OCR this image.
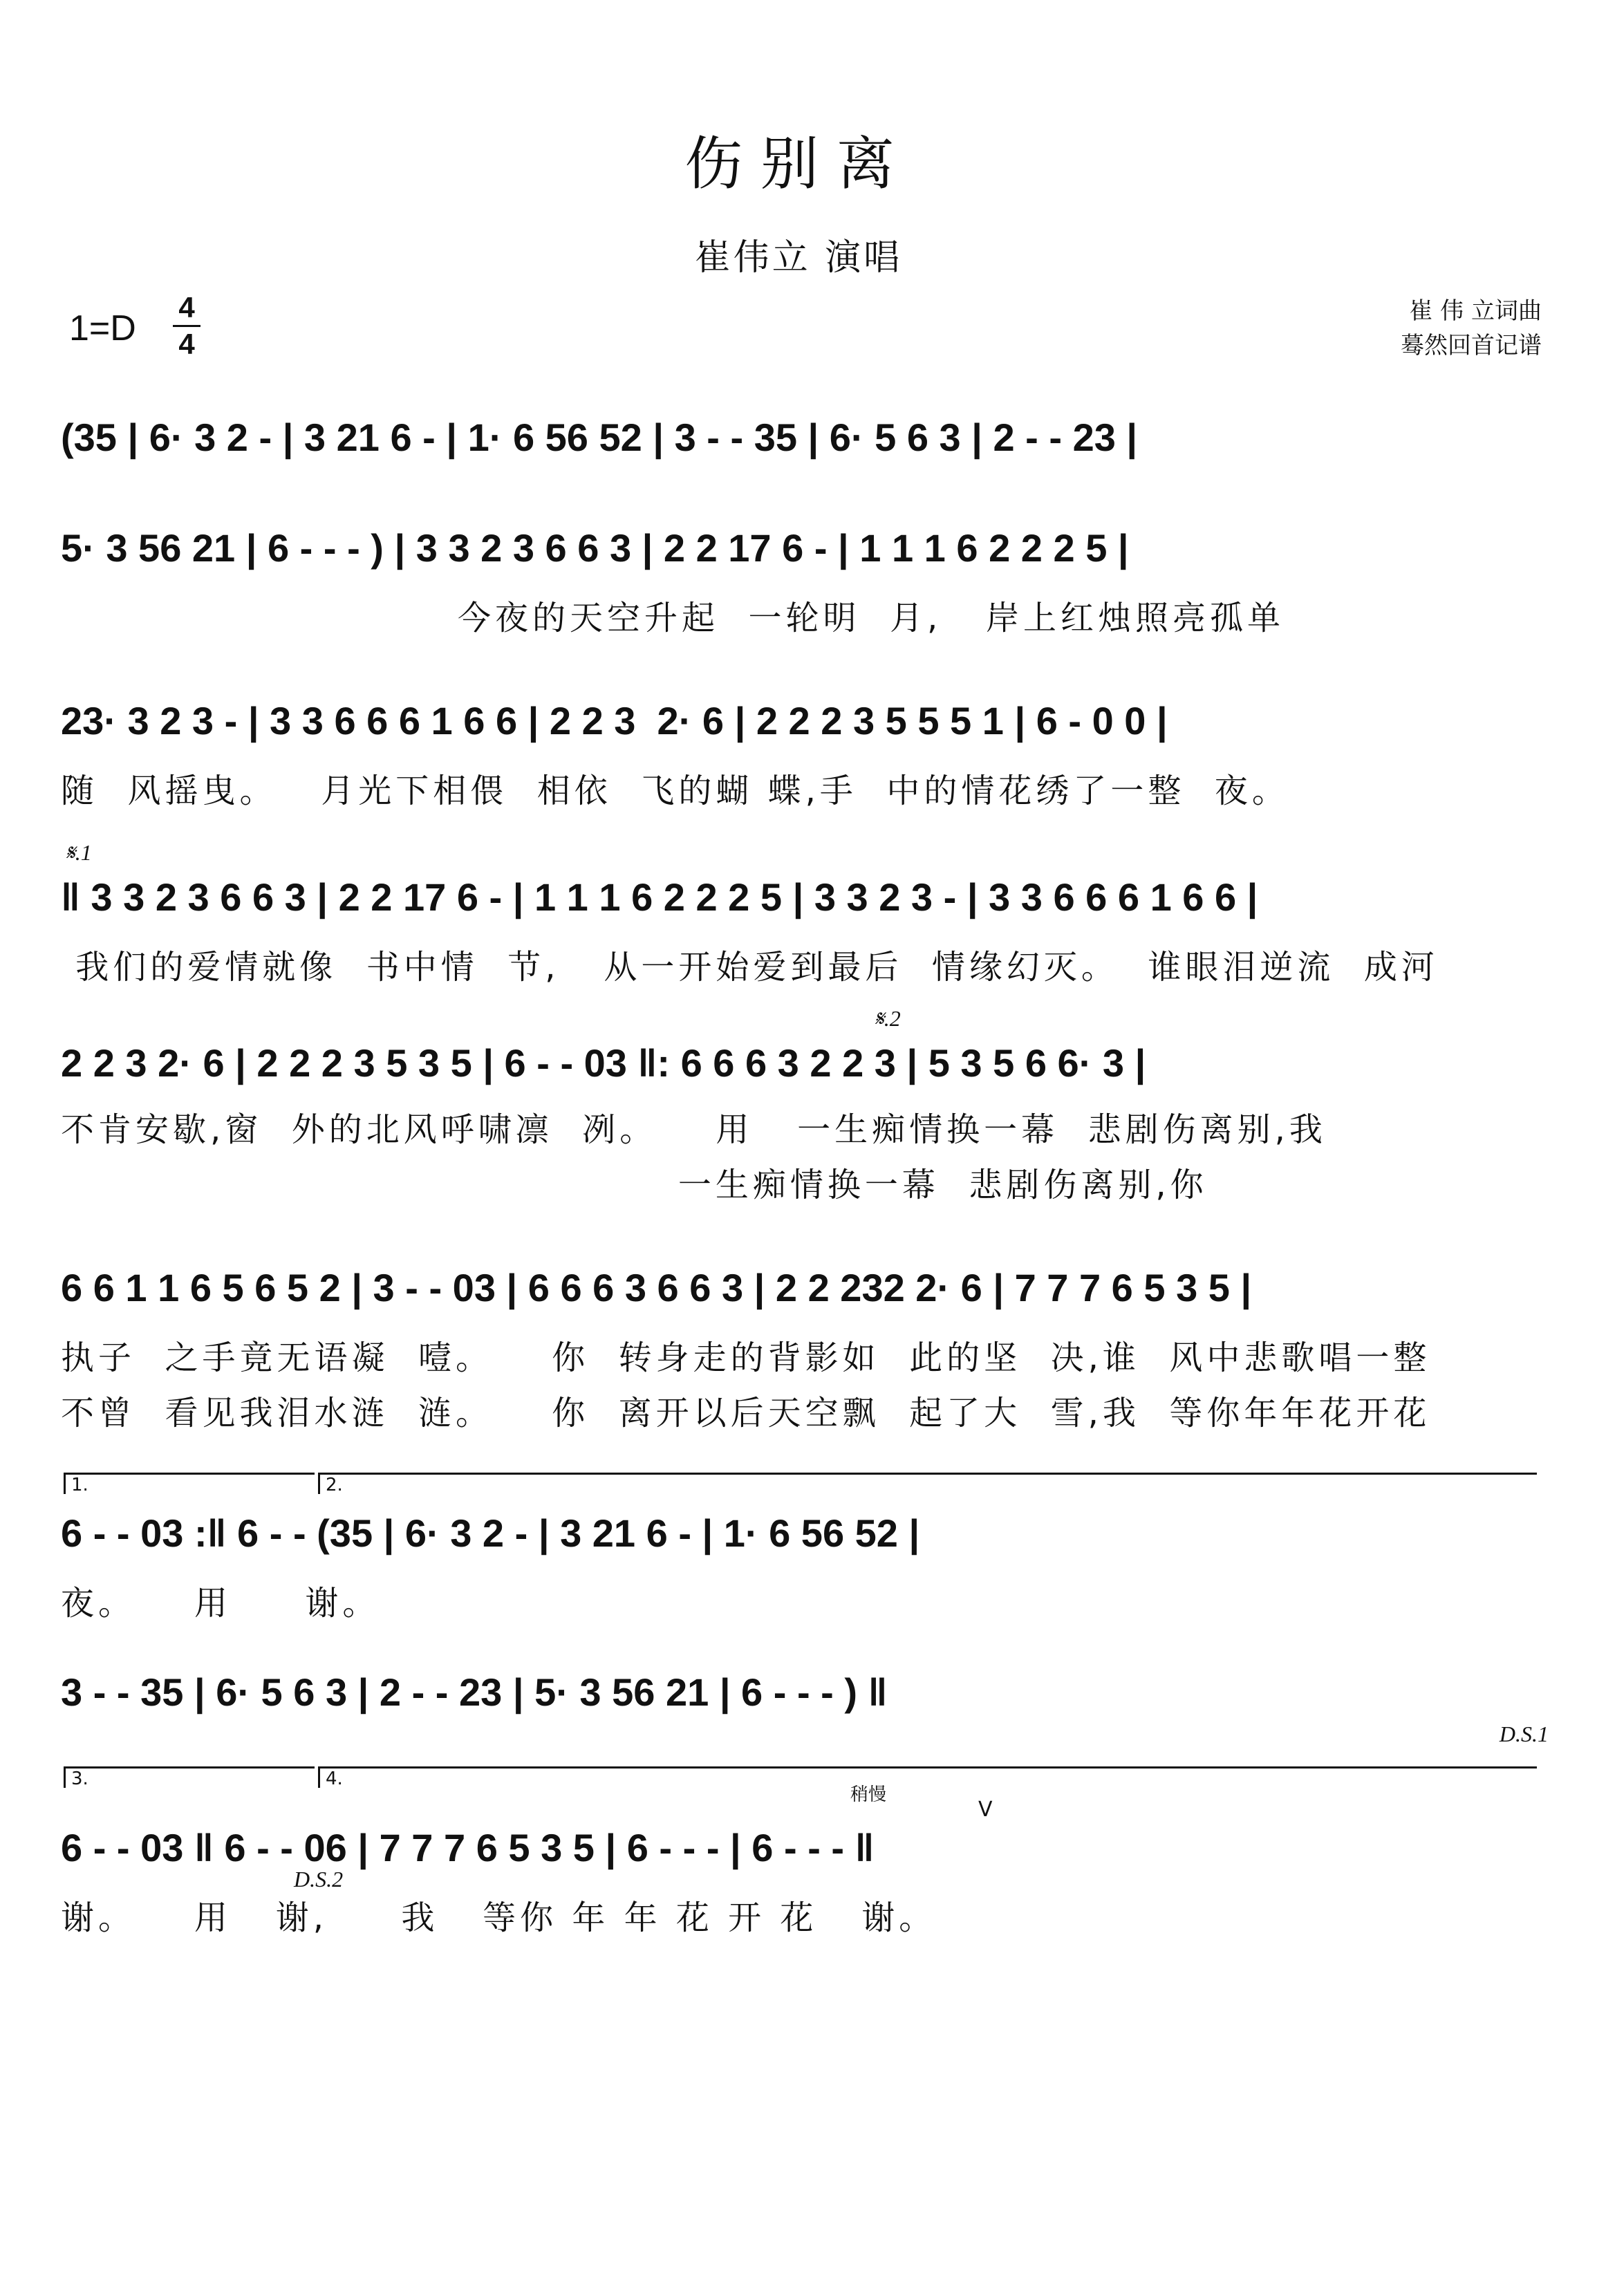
伤别离
崔伟立 演唱
1=D
4
4
崔 伟 立词曲
蓦然回首记谱
(35 | 6· 3 2 - | 3 21 6 - | 1· 6 56 52 | 3 - - 35 | 6· 5 6 3 | 2 - - 23 |
5· 3 56 21 | 6 - - - ) | 3 3 2 3 6 6 3 | 2 2 17 6 - | 1 1 1 6 2 2 2 5 |
今夜的天空升起  一轮明  月,   岸上红烛照亮孤单
23· 3 2 3 - | 3 3 6 6 6 1 6 6 | 2 2 3  2· 6 | 2 2 2 3 5 5 5 1 | 6 - 0 0 |
随  风摇曳。   月光下相偎  相依  飞的蝴 蝶,手  中的情花绣了一整  夜。
𝄋.1
‖ 3 3 2 3 6 6 3 | 2 2 17 6 - | 1 1 1 6 2 2 2 5 | 3 3 2 3 - | 3 3 6 6 6 1 6 6 |
我们的爱情就像  书中情  节,   从一开始爱到最后  情缘幻灭。  谁眼泪逆流  成河
𝄋.2
2 2 3 2· 6 | 2 2 2 3 5 3 5 | 6 - - 03 ‖: 6 6 6 3 2 2 3 | 5 3 5 6 6· 3 |
不肯安歇,窗  外的北风呼啸凛  冽。    用   一生痴情换一幕  悲剧伤离别,我
一生痴情换一幕  悲剧伤离别,你
6 6 1 1 6 5 6 5 2 | 3 - - 03 | 6 6 6 3 6 6 3 | 2 2 232 2· 6 | 7 7 7 6 5 3 5 |
执子  之手竟无语凝  噎。    你  转身走的背影如  此的坚  决,谁  风中悲歌唱一整
不曾  看见我泪水涟  涟。    你  离开以后天空飘  起了大  雪,我  等你年年花开花
1.	2.
6 - - 03 :‖ 6 - - (35 | 6· 3 2 - | 3 21 6 - | 1· 6 56 52 |
夜。    用     谢。
3 - - 35 | 6· 5 6 3 | 2 - - 23 | 5· 3 56 21 | 6 - - - ) ‖
D.S.1
3.	4.
稍慢
V
6 - - 03 ‖ 6 - - 06 | 7 7 7 6 5 3 5 | 6 - - - | 6 - - - ‖
D.S.2
谢。    用   谢,     我   等你 年 年 花 开 花   谢。
